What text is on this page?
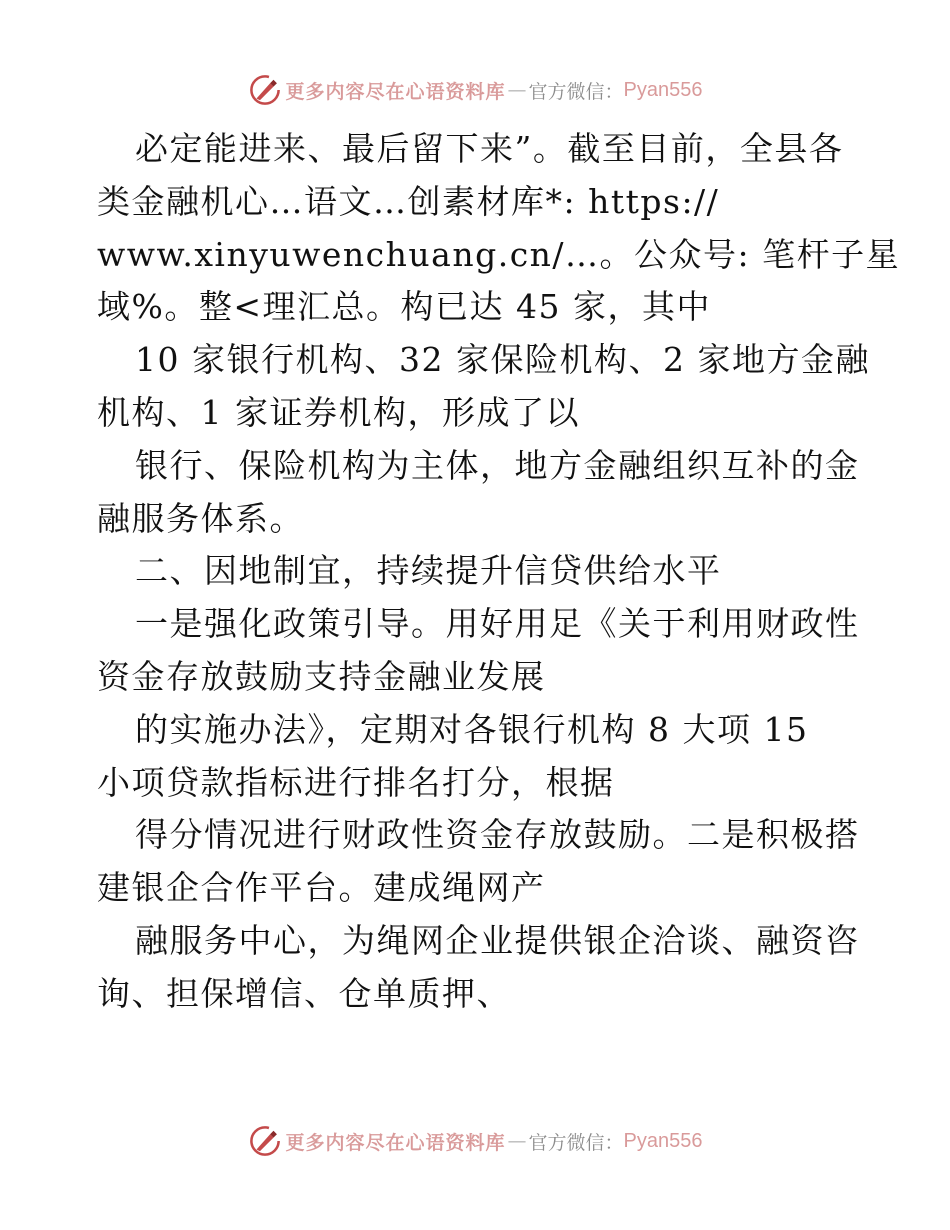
更多内容尽在心语资料库 — 官方微信： Pyan556
必定能进来、最后留下来”。截至目前，全县各
类金融机心…语文…创素材库*: https://
www.xinyuwenchuang.cn/…。公众号: 笔杆子星
域%。整<理汇总。构已达 45 家，其中
10 家银行机构、32 家保险机构、2 家地方金融
机构、1 家证券机构，形成了以
银行、保险机构为主体，地方金融组织互补的金
融服务体系。
二、因地制宜，持续提升信贷供给水平
一是强化政策引导。用好用足《关于利用财政性
资金存放鼓励支持金融业发展
的实施办法》，定期对各银行机构 8 大项 15
小项贷款指标进行排名打分，根据
得分情况进行财政性资金存放鼓励。二是积极搭
建银企合作平台。建成绳网产
融服务中心，为绳网企业提供银企洽谈、融资咨
询、担保增信、仓单质押、
更多内容尽在心语资料库 — 官方微信： Pyan556
